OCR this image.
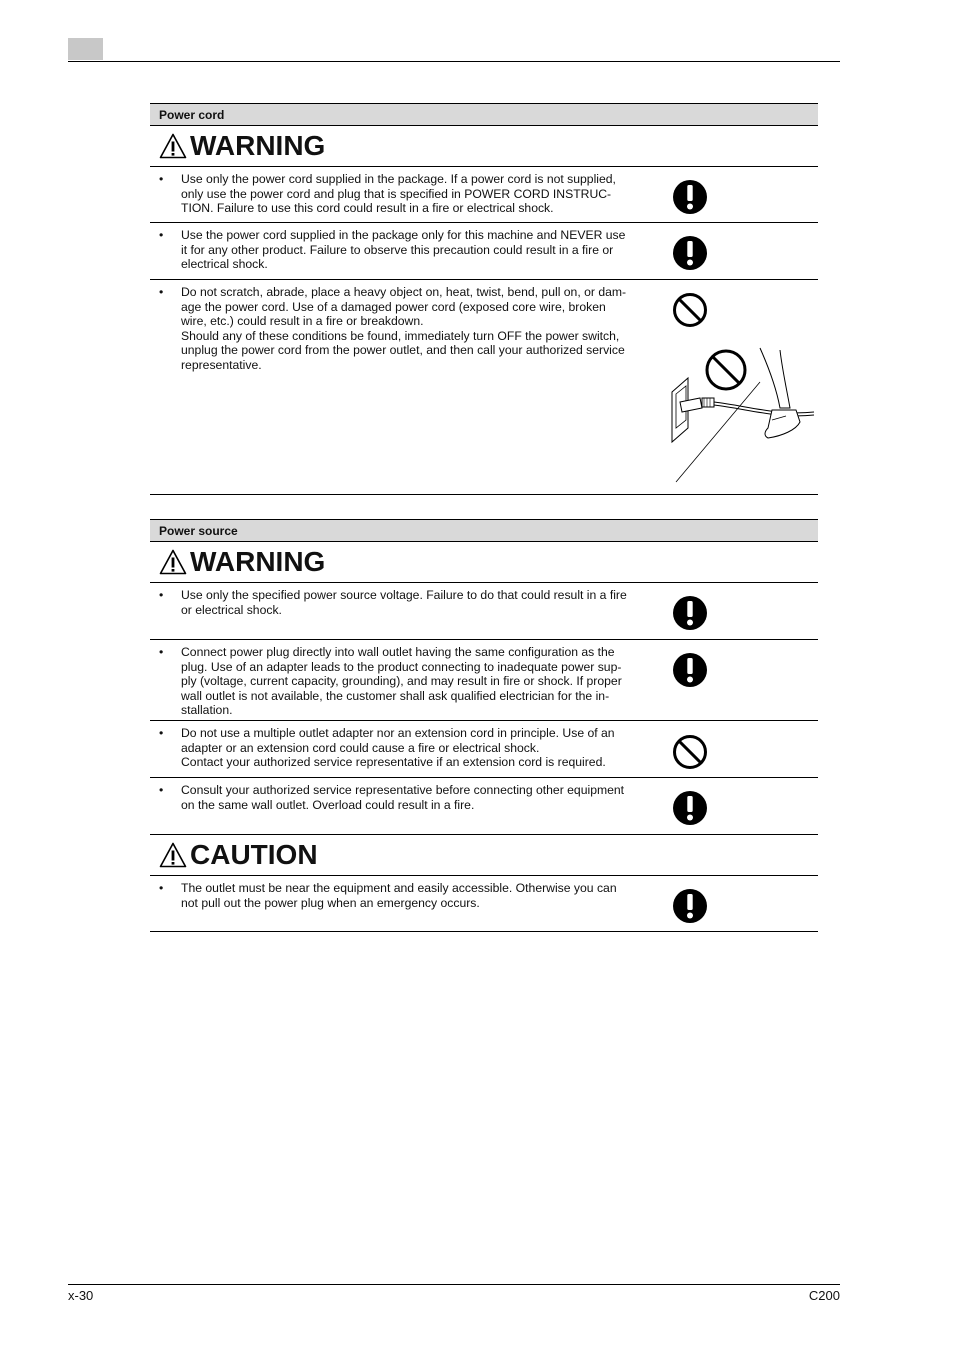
Power cord
WARNING
•	Use only the power cord supplied in the package. If a power cord is not supplied,
only use the power cord and plug that is specified in POWER CORD INSTRUC-
TION. Failure to use this cord could result in a fire or electrical shock.
•	Use the power cord supplied in the package only for this machine and NEVER use
it for any other product. Failure to observe this precaution could result in a fire or
electrical shock.
•	Do not scratch, abrade, place a heavy object on, heat, twist, bend, pull on, or dam-
age the power cord. Use of a damaged power cord (exposed core wire, broken
wire, etc.) could result in a fire or breakdown.
Should any of these conditions be found, immediately turn OFF the power switch,
unplug the power cord from the power outlet, and then call your authorized service
representative.
Power source
WARNING
•	Use only the specified power source voltage. Failure to do that could result in a fire
or electrical shock.
•	Connect power plug directly into wall outlet having the same configuration as the
plug. Use of an adapter leads to the product connecting to inadequate power sup-
ply (voltage, current capacity, grounding), and may result in fire or shock. If proper
wall outlet is not available, the customer shall ask qualified electrician for the in-
stallation.
•	Do not use a multiple outlet adapter nor an extension cord in principle. Use of an
adapter or an extension cord could cause a fire or electrical shock.
Contact your authorized service representative if an extension cord is required.
•	Consult your authorized service representative before connecting other equipment
on the same wall outlet. Overload could result in a fire.
CAUTION
•	The outlet must be near the equipment and easily accessible. Otherwise you can
not pull out the power plug when an emergency occurs.
x-30	C200
